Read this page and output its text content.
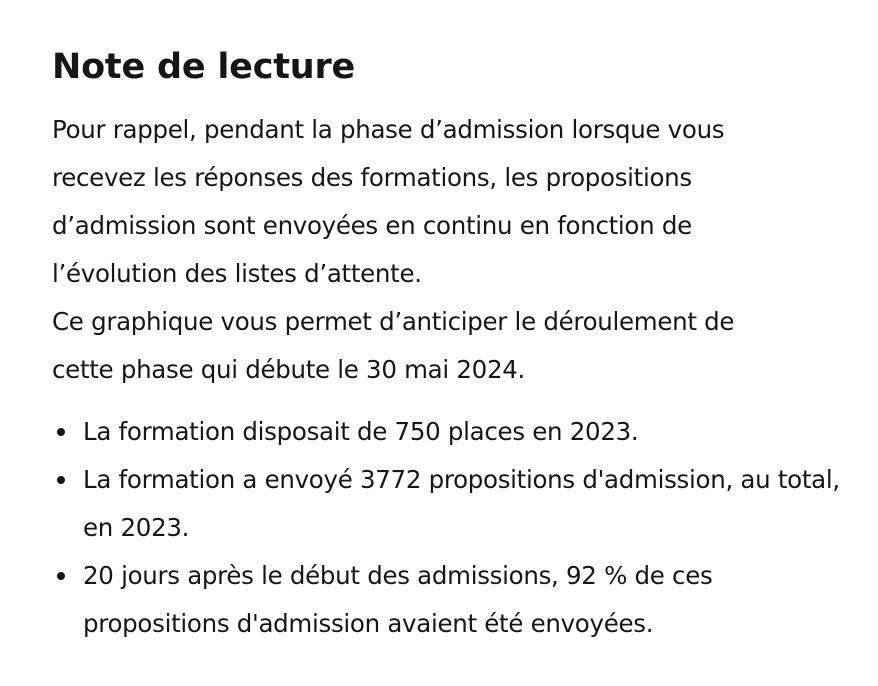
Note de lecture

Pour rappel, pendant la phase d’admission lorsque vous
recevez les réponses des formations, les propositions
d’admission sont envoyées en continu en fonction de
l’évolution des listes d’attente.
Ce graphique vous permet d’anticiper le déroulement de
cette phase qui débute le 30 mai 2024.

La formation disposait de 750 places en 2023.
La formation a envoyé 3772 propositions d'admission, au total, en 2023.
20 jours après le début des admissions, 92 % de ces propositions d'admission avaient été envoyées.
